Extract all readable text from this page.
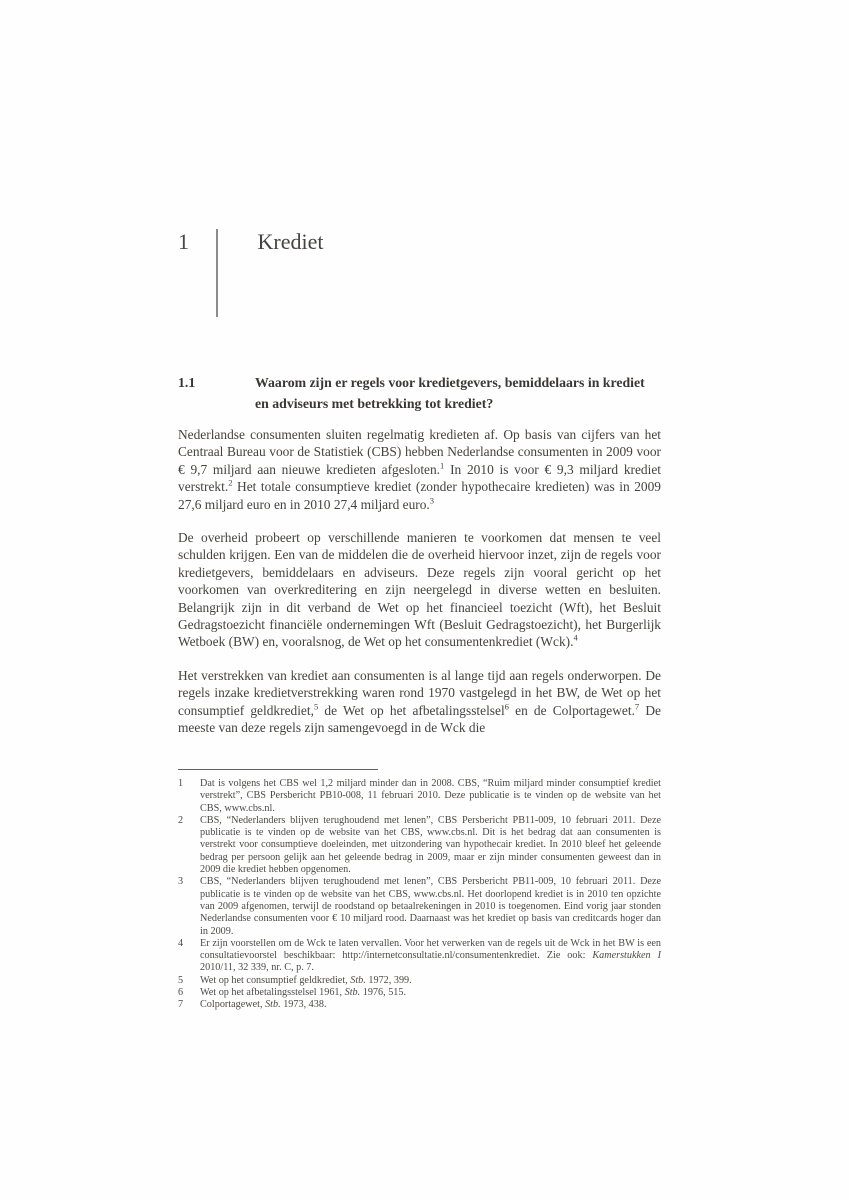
1	Krediet
1.1	Waarom zijn er regels voor kredietgevers, bemiddelaars in krediet en adviseurs met betrekking tot krediet?

Nederlandse consumenten sluiten regelmatig kredieten af. Op basis van cijfers van het Centraal Bureau voor de Statistiek (CBS) hebben Nederlandse consumenten in 2009 voor € 9,7 miljard aan nieuwe kredieten afgesloten.$^1$ In 2010 is voor € 9,3 miljard krediet verstrekt.$^2$ Het totale consumptieve krediet (zonder hypothecaire kredieten) was in 2009 27,6 miljard euro en in 2010 27,4 miljard euro.$^3$

De overheid probeert op verschillende manieren te voorkomen dat mensen te veel schulden krijgen. Een van de middelen die de overheid hiervoor inzet, zijn de regels voor kredietgevers, bemiddelaars en adviseurs. Deze regels zijn vooral gericht op het voorkomen van overkreditering en zijn neergelegd in diverse wetten en besluiten. Belangrijk zijn in dit verband de Wet op het financieel toezicht (Wft), het Besluit Gedragstoezicht financiële ondernemingen Wft (Besluit Gedragstoezicht), het Burgerlijk Wetboek (BW) en, vooralsnog, de Wet op het consumentenkrediet (Wck).$^4$

Het verstrekken van krediet aan consumenten is al lange tijd aan regels onderworpen. De regels inzake kredietverstrekking waren rond 1970 vastgelegd in het BW, de Wet op het consumptief geldkrediet,$^5$ de Wet op het afbetalingsstelsel$^6$ en de Colportagewet.$^7$ De meeste van deze regels zijn samengevoegd in de Wck die

1	Dat is volgens het CBS wel 1,2 miljard minder dan in 2008. CBS, “Ruim miljard minder consumptief krediet verstrekt”, CBS Persbericht PB10-008, 11 februari 2010. Deze publicatie is te vinden op de website van het CBS, www.cbs.nl.
2	CBS, “Nederlanders blijven terughoudend met lenen”, CBS Persbericht PB11-009, 10 februari 2011. Deze publicatie is te vinden op de website van het CBS, www.cbs.nl. Dit is het bedrag dat aan consumenten is verstrekt voor consumptieve doeleinden, met uitzondering van hypothecair krediet. In 2010 bleef het geleende bedrag per persoon gelijk aan het geleende bedrag in 2009, maar er zijn minder consumenten geweest dan in 2009 die krediet hebben opgenomen.
3	CBS, “Nederlanders blijven terughoudend met lenen”, CBS Persbericht PB11-009, 10 februari 2011. Deze publicatie is te vinden op de website van het CBS, www.cbs.nl. Het doorlopend krediet is in 2010 ten opzichte van 2009 afgenomen, terwijl de roodstand op betaalrekeningen in 2010 is toegenomen. Eind vorig jaar stonden Nederlandse consumenten voor € 10 miljard rood. Daarnaast was het krediet op basis van creditcards hoger dan in 2009.
4	Er zijn voorstellen om de Wck te laten vervallen. Voor het verwerken van de regels uit de Wck in het BW is een consultatievoorstel beschikbaar: http://internetconsultatie.nl/consumentenkrediet. Zie ook: Kamerstukken I 2010/11, 32 339, nr. C, p. 7.
5	Wet op het consumptief geldkrediet, Stb. 1972, 399.
6	Wet op het afbetalingsstelsel 1961, Stb. 1976, 515.
7	Colportagewet, Stb. 1973, 438.
